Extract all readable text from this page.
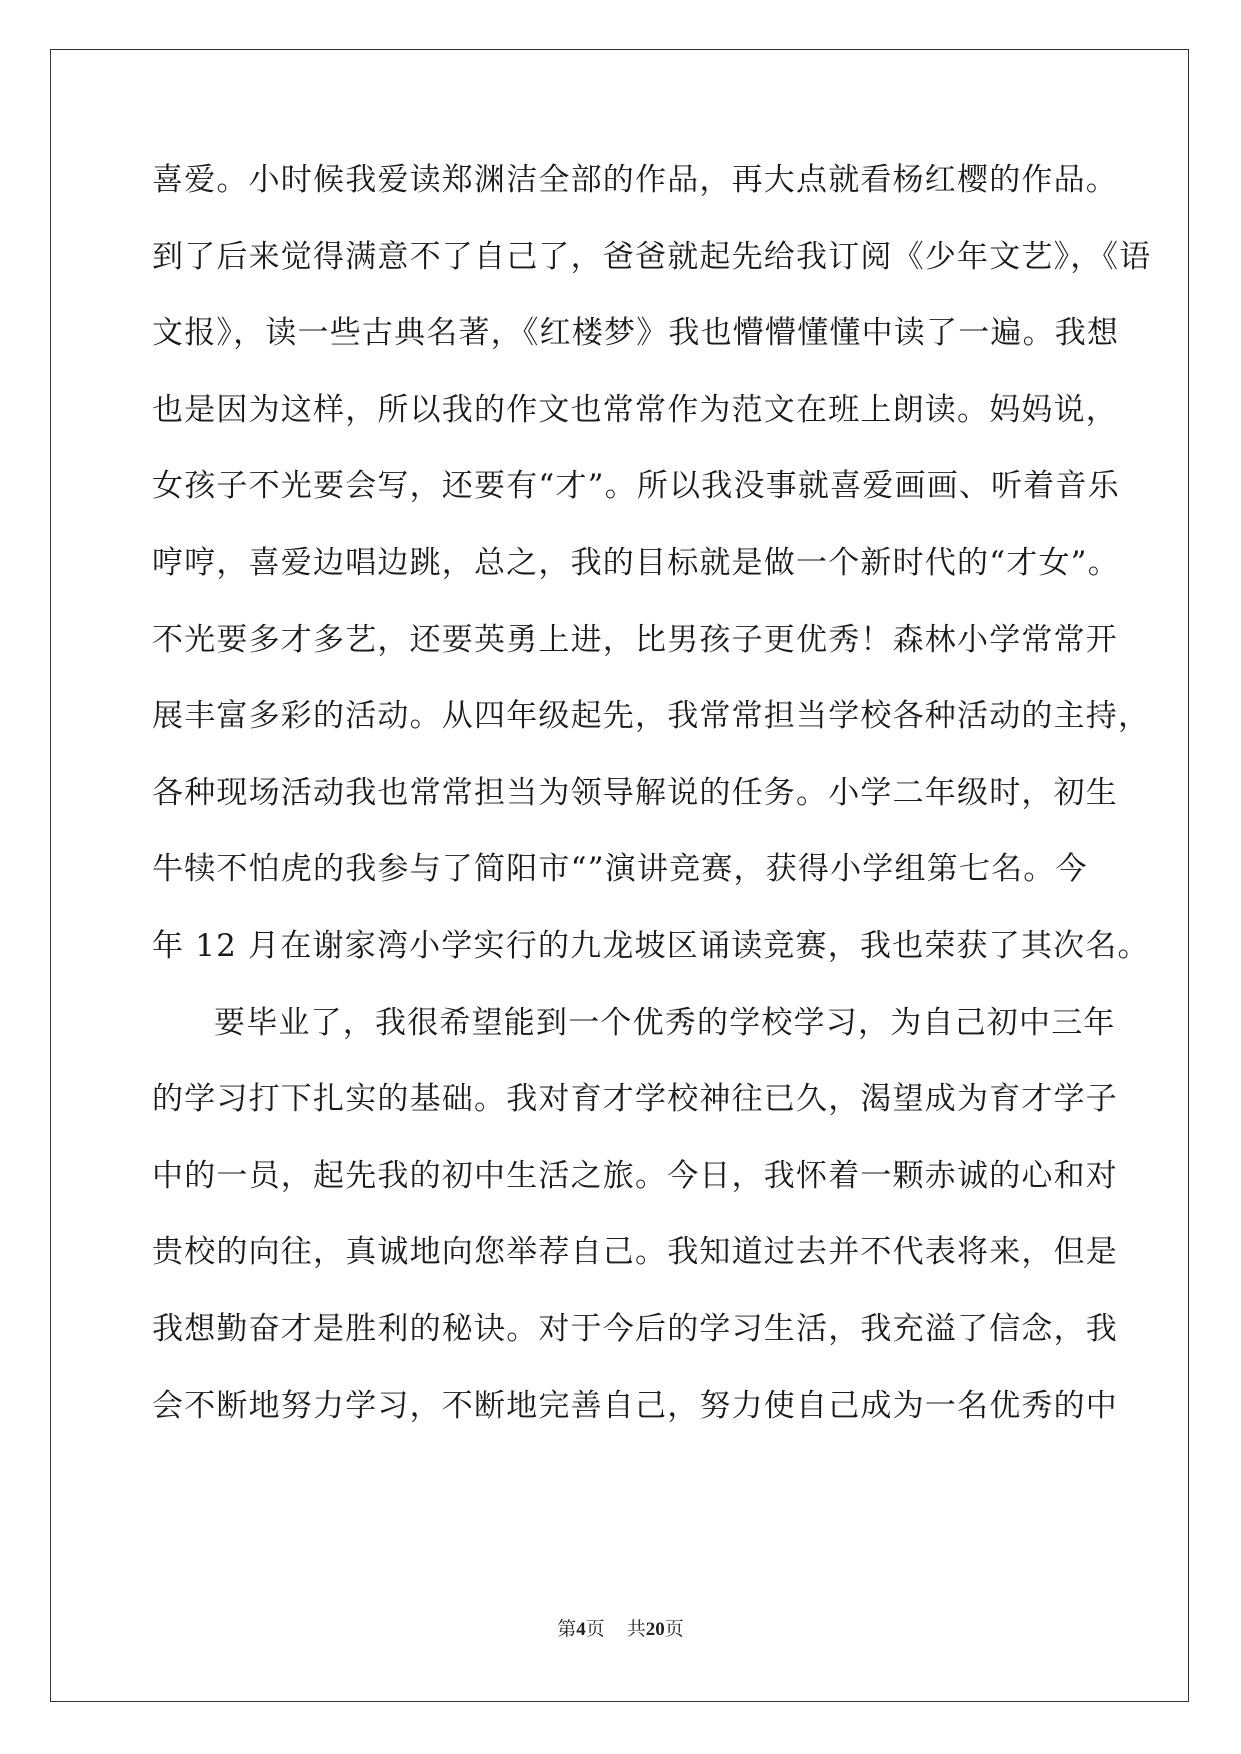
喜爱。小时候我爱读郑渊洁全部的作品，再大点就看杨红樱的作品。
到了后来觉得满意不了自己了，爸爸就起先给我订阅《少年文艺》，《语
文报》，读一些古典名著，《红楼梦》我也懵懵懂懂中读了一遍。我想
也是因为这样，所以我的作文也常常作为范文在班上朗读。妈妈说，
女孩子不光要会写，还要有“才”。所以我没事就喜爱画画、听着音乐
哼哼，喜爱边唱边跳，总之，我的目标就是做一个新时代的“才女”。
不光要多才多艺，还要英勇上进，比男孩子更优秀！森林小学常常开
展丰富多彩的活动。从四年级起先，我常常担当学校各种活动的主持，
各种现场活动我也常常担当为领导解说的任务。小学二年级时，初生
牛犊不怕虎的我参与了简阳市“”演讲竞赛，获得小学组第七名。今
年 12 月在谢家湾小学实行的九龙坡区诵读竞赛，我也荣获了其次名。
要毕业了，我很希望能到一个优秀的学校学习，为自己初中三年
的学习打下扎实的基础。我对育才学校神往已久，渴望成为育才学子
中的一员，起先我的初中生活之旅。今日，我怀着一颗赤诚的心和对
贵校的向往，真诚地向您举荐自己。我知道过去并不代表将来，但是
我想勤奋才是胜利的秘诀。对于今后的学习生活，我充溢了信念，我
会不断地努力学习，不断地完善自己，努力使自己成为一名优秀的中
第4页 共20页
